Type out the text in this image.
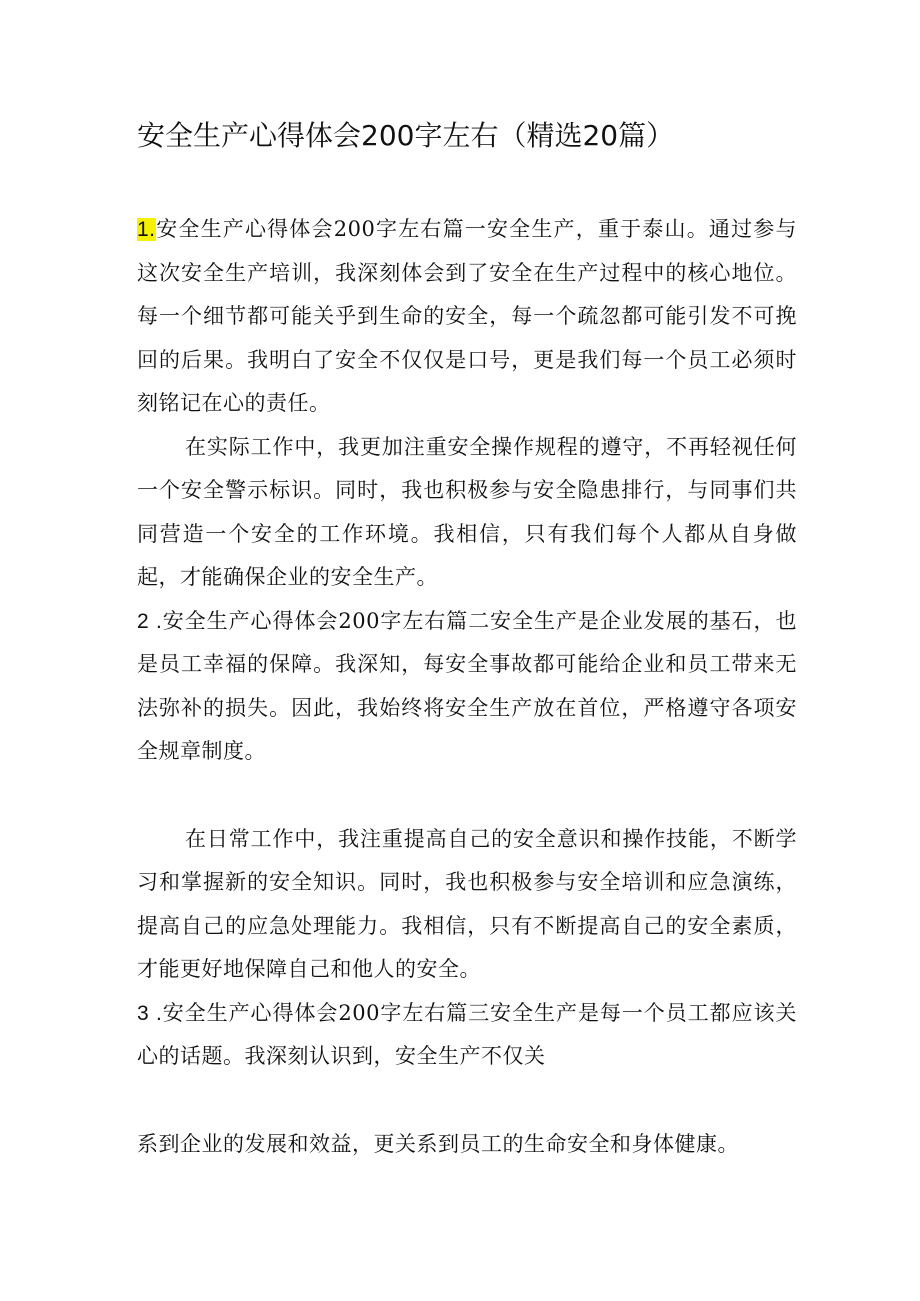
安全生产心得体会200字左右（精选20篇）

1.安全生产心得体会200字左右篇一安全生产，重于泰山。通过参与这次安全生产培训，我深刻体会到了安全在生产过程中的核心地位。每一个细节都可能关乎到生命的安全，每一个疏忽都可能引发不可挽回的后果。我明白了安全不仅仅是口号，更是我们每一个员工必须时刻铭记在心的责任。

在实际工作中，我更加注重安全操作规程的遵守，不再轻视任何一个安全警示标识。同时，我也积极参与安全隐患排行，与同事们共同营造一个安全的工作环境。我相信，只有我们每个人都从自身做起，才能确保企业的安全生产。

2 .安全生产心得体会200字左右篇二安全生产是企业发展的基石，也是员工幸福的保障。我深知，每安全事故都可能给企业和员工带来无法弥补的损失。因此，我始终将安全生产放在首位，严格遵守各项安全规章制度。

在日常工作中，我注重提高自己的安全意识和操作技能，不断学习和掌握新的安全知识。同时，我也积极参与安全培训和应急演练，提高自己的应急处理能力。我相信，只有不断提高自己的安全素质，才能更好地保障自己和他人的安全。

3 .安全生产心得体会200字左右篇三安全生产是每一个员工都应该关心的话题。我深刻认识到，安全生产不仅关

系到企业的发展和效益，更关系到员工的生命安全和身体健康。
